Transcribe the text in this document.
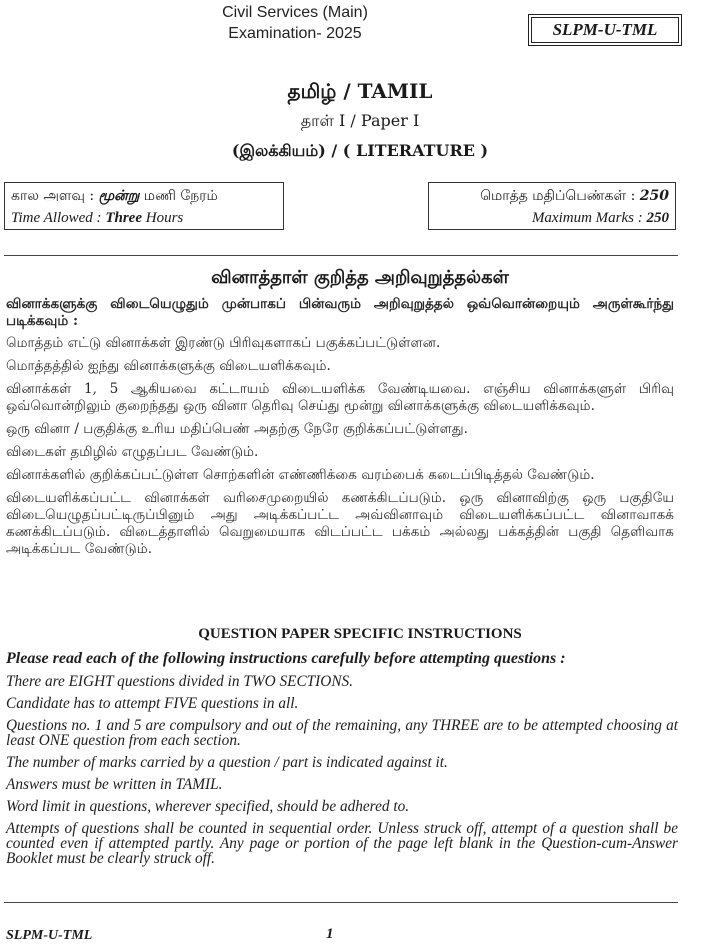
Civil Services (Main)
Examination- 2025	SLPM-U-TML
தமிழ் / TAMIL
தாள் I / Paper I
(இலக்கியம்) / ( LITERATURE )
கால அளவு : மூன்று மணி நேரம்
Time Allowed : Three Hours
மொத்த மதிப்பெண்கள் : 250
Maximum Marks : 250
வினாத்தாள் குறித்த அறிவுறுத்தல்கள்

வினாக்களுக்கு விடையெழுதும் முன்பாகப் பின்வரும் அறிவுறுத்தல் ஒவ்வொன்றையும் அருள்கூர்ந்து படிக்கவும் :

மொத்தம் எட்டு வினாக்கள் இரண்டு பிரிவுகளாகப் பகுக்கப்பட்டுள்ளன.

மொத்தத்தில் ஐந்து வினாக்களுக்கு விடையளிக்கவும்.

வினாக்கள் 1, 5 ஆகியவை கட்டாயம் விடையளிக்க வேண்டியவை. எஞ்சிய வினாக்களுள் பிரிவு ஒவ்வொன்றிலும் குறைந்தது ஒரு வினா தெரிவு செய்து மூன்று வினாக்களுக்கு விடையளிக்கவும்.

ஒரு வினா / பகுதிக்கு உரிய மதிப்பெண் அதற்கு நேரே குறிக்கப்பட்டுள்ளது.

விடைகள் தமிழில் எழுதப்பட வேண்டும்.

வினாக்களில் குறிக்கப்பட்டுள்ள சொற்களின் எண்ணிக்கை வரம்பைக் கடைப்பிடித்தல் வேண்டும்.

விடையளிக்கப்பட்ட வினாக்கள் வரிசைமுறையில் கணக்கிடப்படும். ஒரு வினாவிற்கு ஒரு பகுதியே விடையெழுதப்பட்டிருப்பினும் அது அடிக்கப்பட்ட அவ்வினாவும் விடையளிக்கப்பட்ட வினாவாகக் கணக்கிடப்படும். விடைத்தாளில் வெறுமையாக விடப்பட்ட பக்கம் அல்லது பக்கத்தின் பகுதி தெளிவாக அடிக்கப்பட வேண்டும்.

QUESTION PAPER SPECIFIC INSTRUCTIONS

Please read each of the following instructions carefully before attempting questions :

There are EIGHT questions divided in TWO SECTIONS.

Candidate has to attempt FIVE questions in all.

Questions no. 1 and 5 are compulsory and out of the remaining, any THREE are to be attempted choosing at least ONE question from each section.

The number of marks carried by a question / part is indicated against it.

Answers must be written in TAMIL.

Word limit in questions, wherever specified, should be adhered to.

Attempts of questions shall be counted in sequential order. Unless struck off, attempt of a question shall be counted even if attempted partly. Any page or portion of the page left blank in the Question-cum-Answer Booklet must be clearly struck off.

SLPM-U-TML	1
